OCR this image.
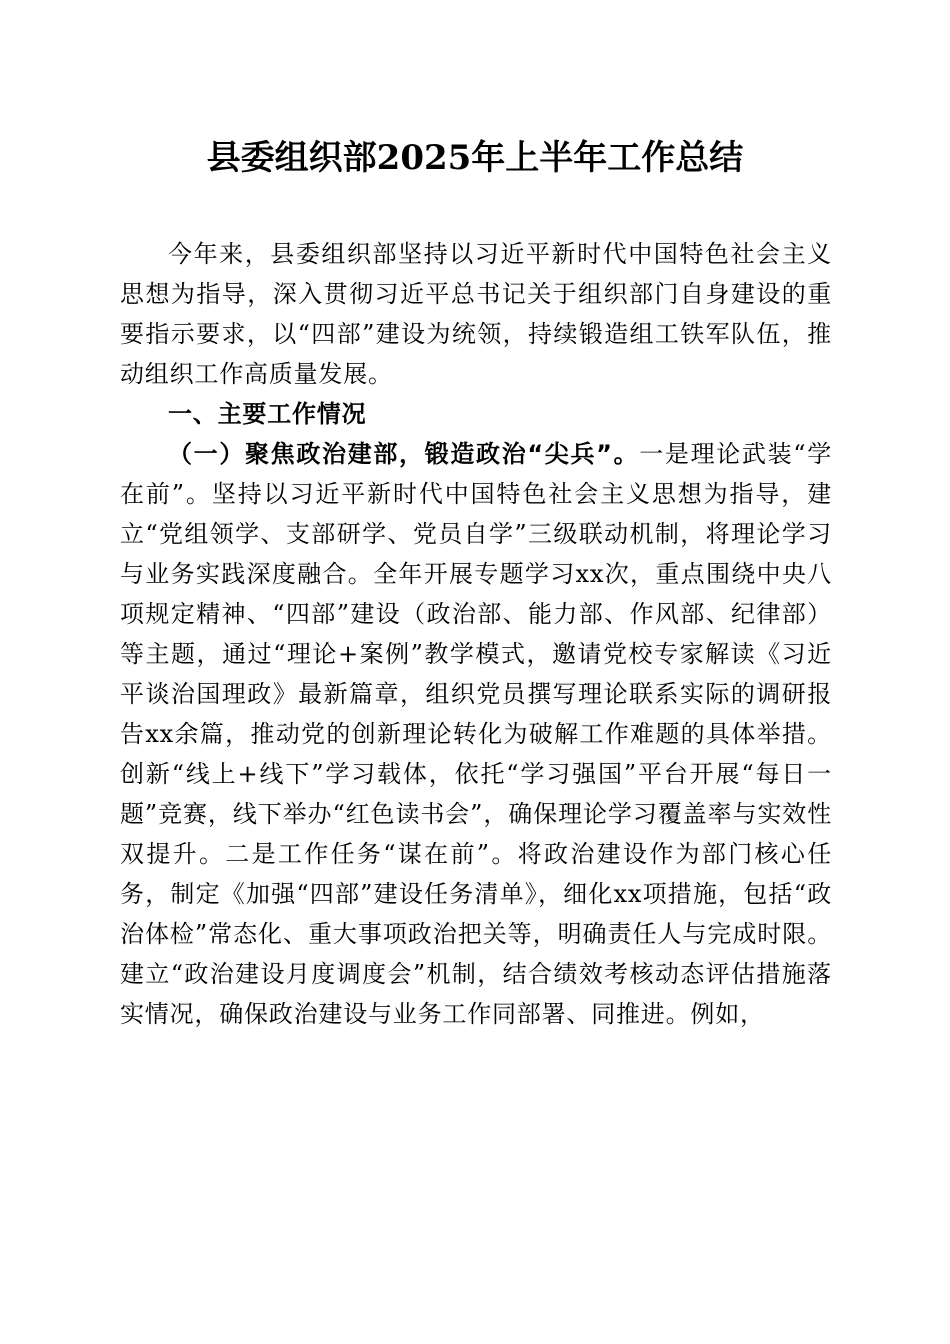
县委组织部2025年上半年工作总结

今年来，县委组织部坚持以习近平新时代中国特色社会主义思想为指导，深入贯彻习近平总书记关于组织部门自身建设的重要指示要求，以“四部”建设为统领，持续锻造组工铁军队伍，推动组织工作高质量发展。

一、主要工作情况

（一）聚焦政治建部，锻造政治“尖兵”。一是理论武装“学在前”。坚持以习近平新时代中国特色社会主义思想为指导，建立“党组领学、支部研学、党员自学”三级联动机制，将理论学习与业务实践深度融合。全年开展专题学习xx次，重点围绕中央八项规定精神、“四部”建设（政治部、能力部、作风部、纪律部）等主题，通过“理论+案例”教学模式，邀请党校专家解读《习近平谈治国理政》最新篇章，组织党员撰写理论联系实际的调研报告xx余篇，推动党的创新理论转化为破解工作难题的具体举措。创新“线上+线下”学习载体，依托“学习强国”平台开展“每日一题”竞赛，线下举办“红色读书会”，确保理论学习覆盖率与实效性双提升。二是工作任务“谋在前”。将政治建设作为部门核心任务，制定《加强“四部”建设任务清单》，细化xx项措施，包括“政治体检”常态化、重大事项政治把关等，明确责任人与完成时限。建立“政治建设月度调度会”机制，结合绩效考核动态评估措施落实情况，确保政治建设与业务工作同部署、同推进。例如，
